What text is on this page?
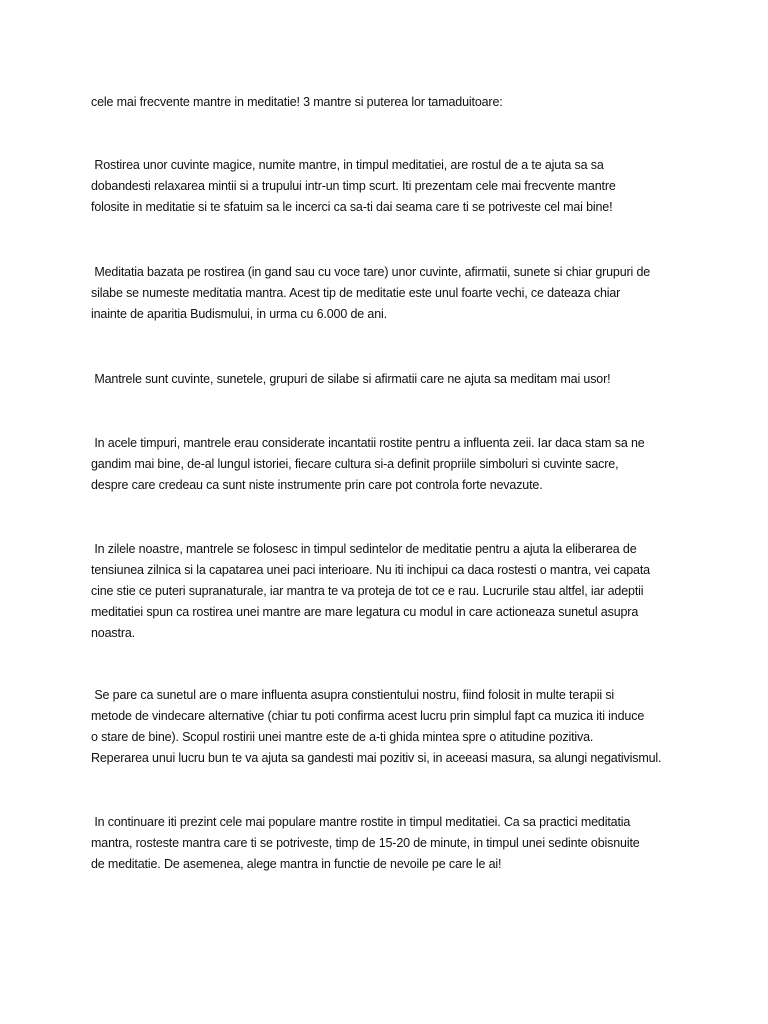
cele mai frecvente mantre in meditatie! 3 mantre si puterea lor tamaduitoare:
Rostirea unor cuvinte magice, numite mantre, in timpul meditatiei, are rostul de a te ajuta sa sa
dobandesti relaxarea mintii si a trupului intr-un timp scurt. Iti prezentam cele mai frecvente mantre
folosite in meditatie si te sfatuim sa le incerci ca sa-ti dai seama care ti se potriveste cel mai bine!
Meditatia bazata pe rostirea (in gand sau cu voce tare) unor cuvinte, afirmatii, sunete si chiar grupuri de
silabe se numeste meditatia mantra. Acest tip de meditatie este unul foarte vechi, ce dateaza chiar
inainte de aparitia Budismului, in urma cu 6.000 de ani.
Mantrele sunt cuvinte, sunetele, grupuri de silabe si afirmatii care ne ajuta sa meditam mai usor!
In acele timpuri, mantrele erau considerate incantatii rostite pentru a influenta zeii. Iar daca stam sa ne
gandim mai bine, de-al lungul istoriei, fiecare cultura si-a definit propriile simboluri si cuvinte sacre,
despre care credeau ca sunt niste instrumente prin care pot controla forte nevazute.
In zilele noastre, mantrele se folosesc in timpul sedintelor de meditatie pentru a ajuta la eliberarea de
tensiunea zilnica si la capatarea unei paci interioare. Nu iti inchipui ca daca rostesti o mantra, vei capata
cine stie ce puteri supranaturale, iar mantra te va proteja de tot ce e rau. Lucrurile stau altfel, iar adeptii
meditatiei spun ca rostirea unei mantre are mare legatura cu modul in care actioneaza sunetul asupra
noastra.
Se pare ca sunetul are o mare influenta asupra constientului nostru, fiind folosit in multe terapii si
metode de vindecare alternative (chiar tu poti confirma acest lucru prin simplul fapt ca muzica iti induce
o stare de bine). Scopul rostirii unei mantre este de a-ti ghida mintea spre o atitudine pozitiva.
Reperarea unui lucru bun te va ajuta sa gandesti mai pozitiv si, in aceeasi masura, sa alungi negativismul.
In continuare iti prezint cele mai populare mantre rostite in timpul meditatiei. Ca sa practici meditatia
mantra, rosteste mantra care ti se potriveste, timp de 15-20 de minute, in timpul unei sedinte obisnuite
de meditatie. De asemenea, alege mantra in functie de nevoile pe care le ai!
